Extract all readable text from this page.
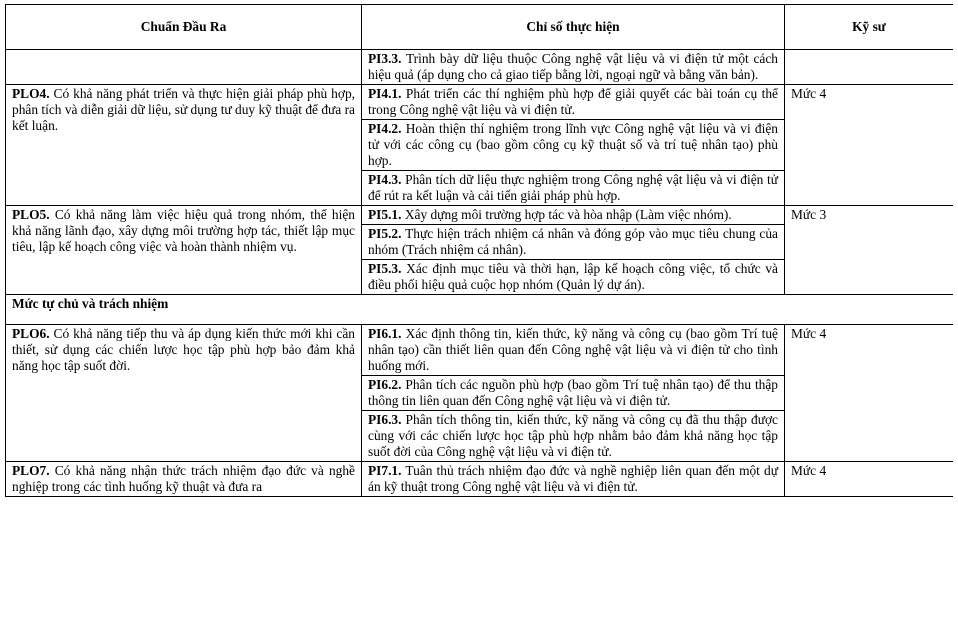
Chuẩn Đầu Ra	Chỉ số thực hiện	Kỹ sư
	PI3.3. Trình bày dữ liệu thuộc Công nghệ vật liệu và vi điện tử một cách hiệu quả (áp dụng cho cả giao tiếp bằng lời, ngoại ngữ và bằng văn bản).	
PLO4. Có khả năng phát triển và thực hiện giải pháp phù hợp, phân tích và diễn giải dữ liệu, sử dụng tư duy kỹ thuật để đưa ra kết luận.	PI4.1. Phát triển các thí nghiệm phù hợp để giải quyết các bài toán cụ thể trong Công nghệ vật liệu và vi điện tử.	Mức 4
	PI4.2. Hoàn thiện thí nghiệm trong lĩnh vực Công nghệ vật liệu và vi điện tử với các công cụ (bao gồm công cụ kỹ thuật số và trí tuệ nhân tạo) phù hợp.	
	PI4.3. Phân tích dữ liệu thực nghiệm trong Công nghệ vật liệu và vi điện tử để rút ra kết luận và cải tiến giải pháp phù hợp.	
PLO5. Có khả năng làm việc hiệu quả trong nhóm, thể hiện khả năng lãnh đạo, xây dựng môi trường hợp tác, thiết lập mục tiêu, lập kế hoạch công việc và hoàn thành nhiệm vụ.	PI5.1. Xây dựng môi trường hợp tác và hòa nhập (Làm việc nhóm).	Mức 3
	PI5.2. Thực hiện trách nhiệm cá nhân và đóng góp vào mục tiêu chung của nhóm (Trách nhiệm cá nhân).	
	PI5.3. Xác định mục tiêu và thời hạn, lập kế hoạch công việc, tổ chức và điều phối hiệu quả cuộc họp nhóm (Quản lý dự án).	
Mức tự chủ và trách nhiệm		
PLO6. Có khả năng tiếp thu và áp dụng kiến thức mới khi cần thiết, sử dụng các chiến lược học tập phù hợp bảo đảm khả năng học tập suốt đời.	PI6.1. Xác định thông tin, kiến thức, kỹ năng và công cụ (bao gồm Trí tuệ nhân tạo) cần thiết liên quan đến Công nghệ vật liệu và vi điện tử cho tình huống mới.	Mức 4
	PI6.2. Phân tích các nguồn phù hợp (bao gồm Trí tuệ nhân tạo) để thu thập thông tin liên quan đến Công nghệ vật liệu và vi điện tử.	
	PI6.3. Phân tích thông tin, kiến thức, kỹ năng và công cụ đã thu thập được cùng với các chiến lược học tập phù hợp nhằm bảo đảm khả năng học tập suốt đời của Công nghệ vật liệu và vi điện tử.	
PLO7. Có khả năng nhận thức trách nhiệm đạo đức và nghề nghiệp trong các tình huống kỹ thuật và đưa ra	PI7.1. Tuân thủ trách nhiệm đạo đức và nghề nghiệp liên quan đến một dự án kỹ thuật trong Công nghệ vật liệu và vi điện tử.	Mức 4
